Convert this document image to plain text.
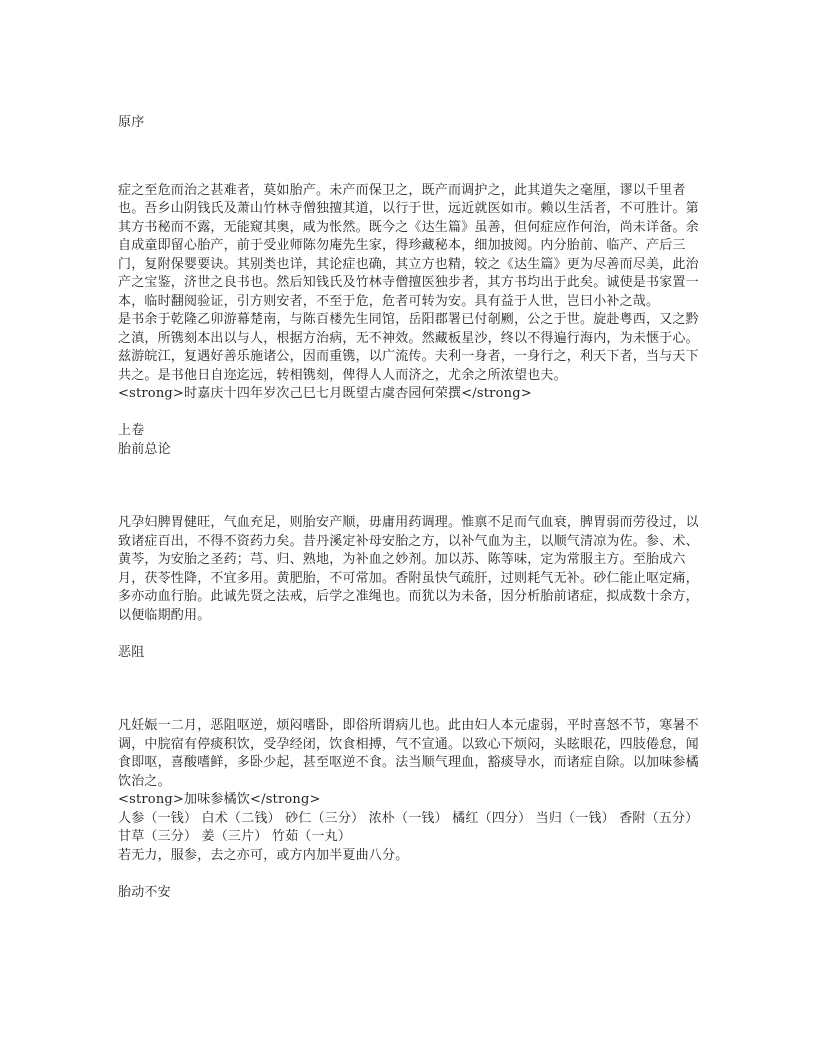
原序

症之至危而治之甚难者，莫如胎产。未产而保卫之，既产而调护之，此其道失之毫厘，谬以千里者也。吾乡山阴钱氏及萧山竹林寺僧独擅其道，以行于世，远近就医如市。赖以生活者，不可胜计。第其方书秘而不露，无能窥其奥，咸为怅然。既今之《达生篇》虽善，但何症应作何治，尚未详备。余自成童即留心胎产，前于受业师陈勿庵先生家，得珍藏秘本，细加披阅。内分胎前、临产、产后三门，复附保婴要诀。其别类也详，其论症也确，其立方也精，较之《达生篇》更为尽善而尽美，此治产之宝鉴，济世之良书也。然后知钱氏及竹林寺僧擅医独步者，其方书均出于此矣。诚使是书家置一本，临时翻阅验证，引方则安者，不至于危，危者可转为安。具有益于人世，岂曰小补之哉。

是书余于乾隆乙卯游幕楚南，与陈百楼先生同馆，岳阳郡署已付剞劂，公之于世。旋赴粤西，又之黔之滇，所镌刻本出以与人，根据方治病，无不神效。然藏板星沙，终以不得遍行海内，为未惬于心。兹游皖江，复遇好善乐施诸公，因而重镌，以广流传。夫利一身者，一身行之，利天下者，当与天下共之。是书他日自迩迄远，转相镌刻，俾得人人而济之，尤余之所浓望也夫。

<strong>时嘉庆十四年岁次己巳七月既望古虞杏园何荣撰</strong>

上卷

胎前总论

凡孕妇脾胃健旺，气血充足，则胎安产顺，毋庸用药调理。惟禀不足而气血衰，脾胃弱而劳役过，以致诸症百出，不得不资药力矣。昔丹溪定补母安胎之方，以补气血为主，以顺气清凉为佐。参、术、黄芩，为安胎之圣药；芎、归、熟地，为补血之妙剂。加以苏、陈等味，定为常服主方。至胎成六月，茯苓性降，不宜多用。黄肥胎，不可常加。香附虽快气疏肝，过则耗气无补。砂仁能止呕定痛，多亦动血行胎。此诚先贤之法戒，后学之准绳也。而犹以为未备，因分析胎前诸症，拟成数十余方，以便临期酌用。

恶阻

凡妊娠一二月，恶阻呕逆，烦闷嗜卧，即俗所谓病儿也。此由妇人本元虚弱，平时喜怒不节，寒暑不调，中脘宿有停痰积饮，受孕经闭，饮食相搏，气不宣通。以致心下烦闷，头眩眼花，四肢倦怠，闻食即呕，喜酸嗜鲜，多卧少起，甚至呕逆不食。法当顺气理血，豁痰导水，而诸症自除。以加味参橘饮治之。

<strong>加味参橘饮</strong>

人参（一钱） 白术（二钱） 砂仁（三分） 浓朴（一钱） 橘红（四分） 当归（一钱） 香附（五分）甘草（三分） 姜（三片） 竹茹（一丸）

若无力，服参，去之亦可，或方内加半夏曲八分。

胎动不安
